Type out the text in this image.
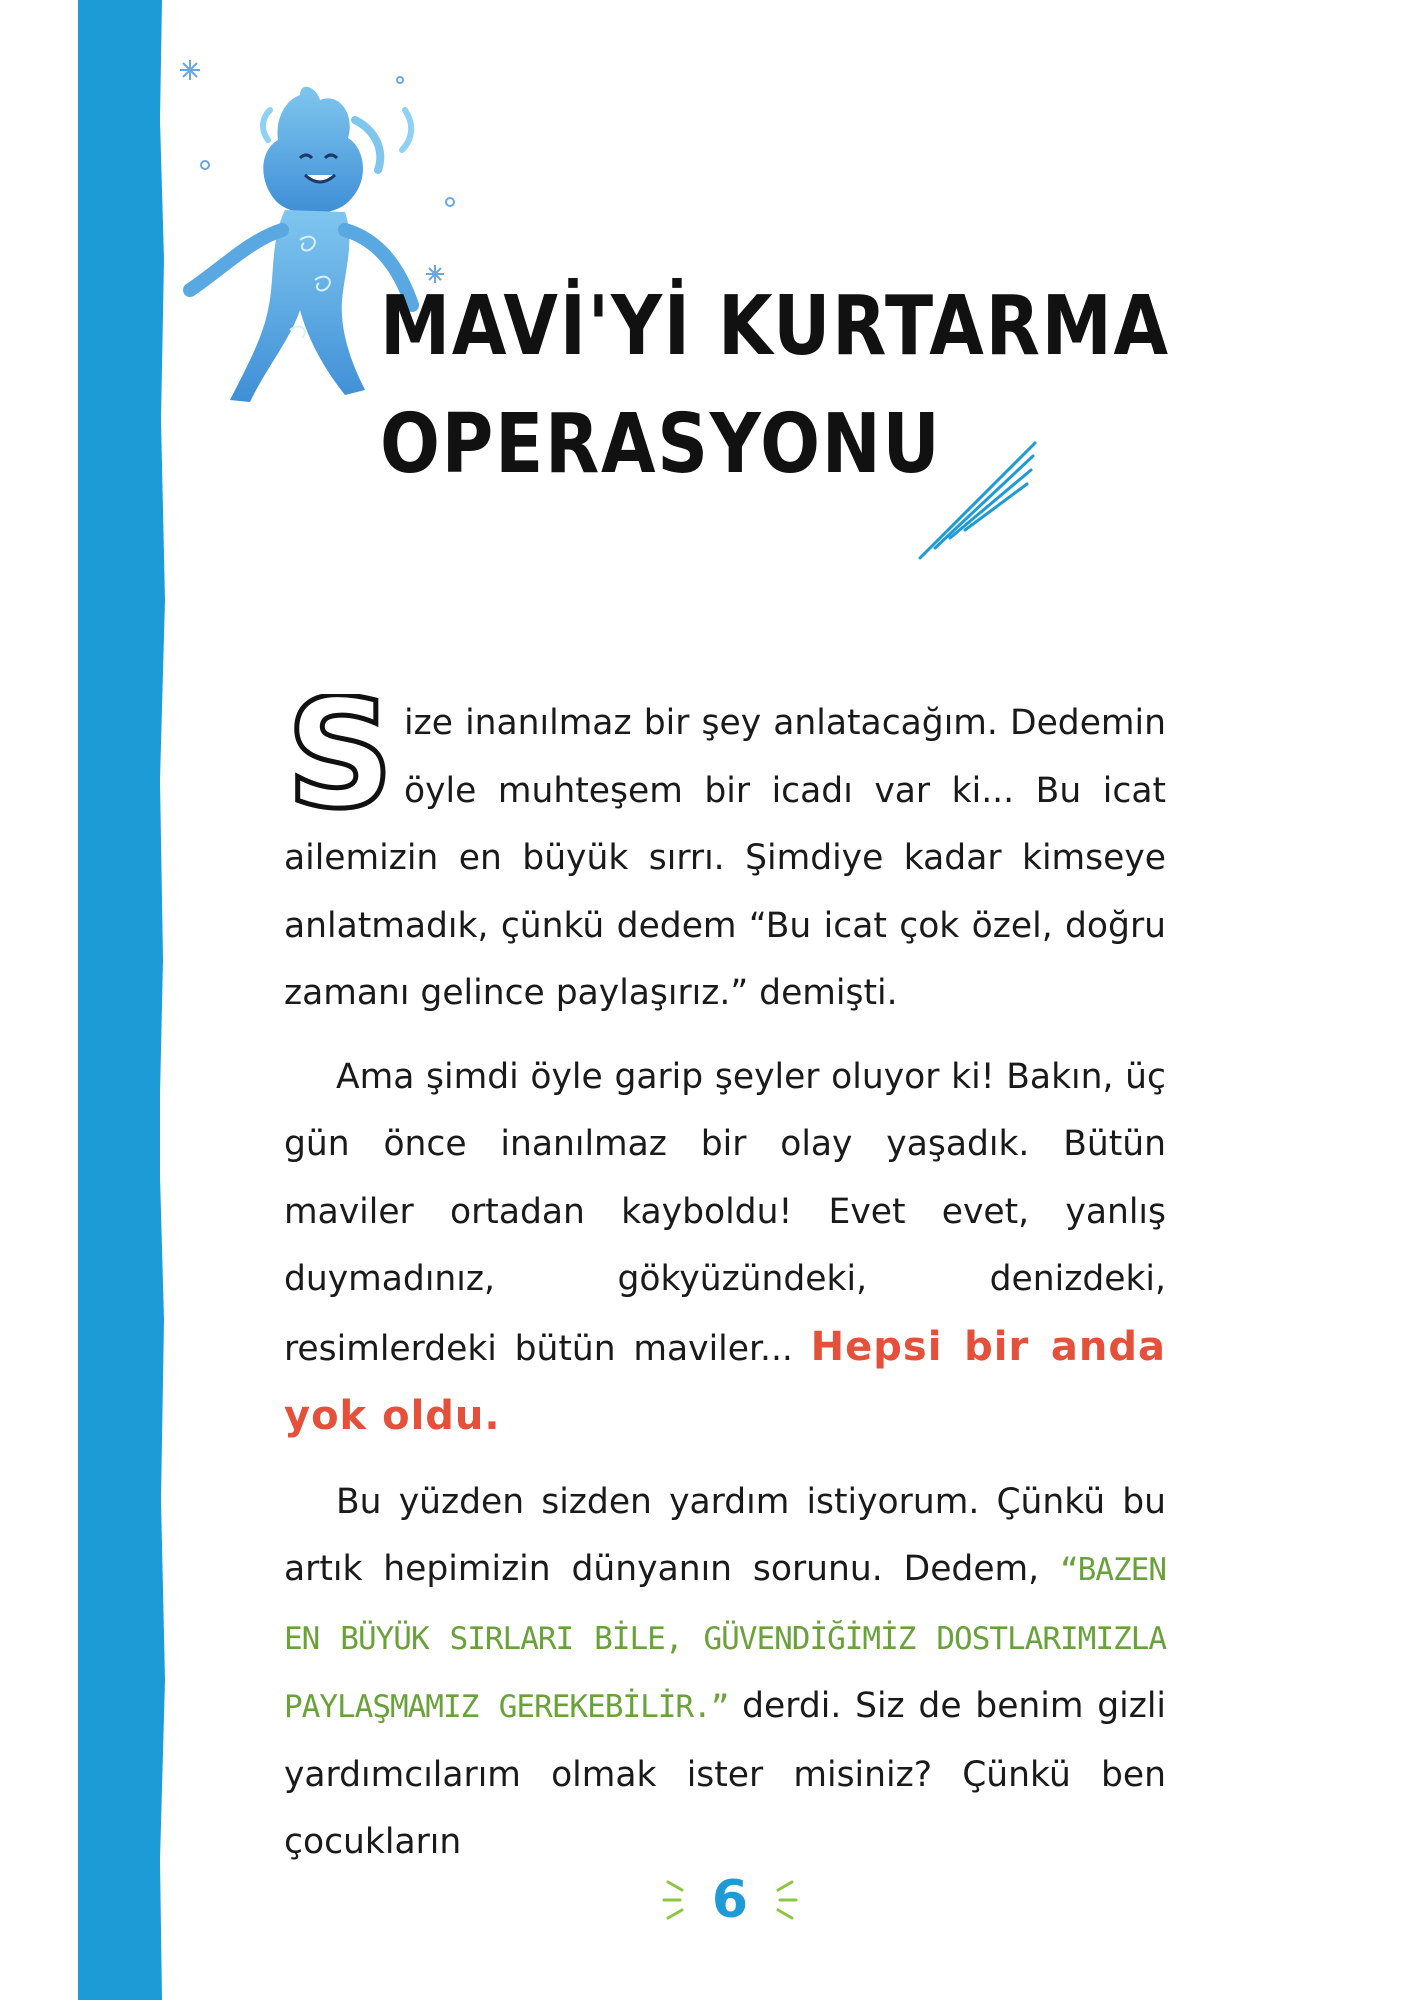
MAVİ'Yİ KURTARMA
OPERASYONU

S ize inanılmaz bir şey anlatacağım. Dedemin öyle muhteşem bir icadı var ki... Bu icat ailemizin en büyük sırrı. Şimdiye kadar kimseye anlatmadık, çünkü dedem “Bu icat çok özel, doğru zamanı gelince paylaşırız.” demişti.

Ama şimdi öyle garip şeyler oluyor ki! Bakın, üç gün önce inanılmaz bir olay yaşadık. Bütün maviler ortadan kayboldu! Evet evet, yanlış duymadınız, gökyüzündeki, denizdeki, resimlerdeki bütün maviler... Hepsi bir anda yok oldu.

Bu yüzden sizden yardım istiyorum. Çünkü bu artık hepimizin dünyanın sorunu. Dedem, “BAZEN EN BÜYÜK SIRLARI BİLE, GÜVENDİĞİMİZ DOSTLARIMIZLA PAYLAŞMAMIZ GEREKEBİLİR.” derdi. Siz de benim gizli yardımcılarım olmak ister misiniz? Çünkü ben çocukların

6
